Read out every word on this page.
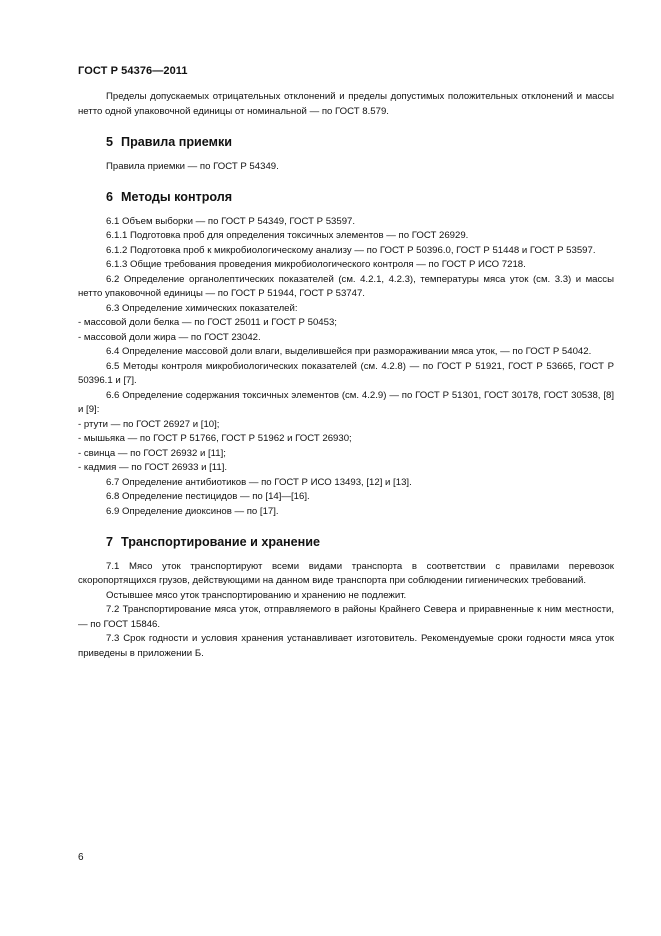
ГОСТ Р 54376—2011

Пределы допускаемых отрицательных отклонений и пределы допустимых положительных отклонений и массы нетто одной упаковочной единицы от номинальной — по ГОСТ 8.579.

5 Правила приемки

Правила приемки — по ГОСТ Р 54349.

6 Методы контроля

6.1 Объем выборки — по ГОСТ Р 54349, ГОСТ Р 53597.

6.1.1 Подготовка проб для определения токсичных элементов — по ГОСТ 26929.

6.1.2 Подготовка проб к микробиологическому анализу — по ГОСТ Р 50396.0, ГОСТ Р 51448 и ГОСТ Р 53597.

6.1.3 Общие требования проведения микробиологического контроля — по ГОСТ Р ИСО 7218.

6.2 Определение органолептических показателей (см. 4.2.1, 4.2.3), температуры мяса уток (см. 3.3) и массы нетто упаковочной единицы — по ГОСТ Р 51944, ГОСТ Р 53747.

6.3 Определение химических показателей:

- массовой доли белка — по ГОСТ 25011 и ГОСТ Р 50453;

- массовой доли жира — по ГОСТ 23042.

6.4 Определение массовой доли влаги, выделившейся при размораживании мяса уток, — по ГОСТ Р 54042.

6.5 Методы контроля микробиологических показателей (см. 4.2.8) — по ГОСТ Р 51921, ГОСТ Р 53665, ГОСТ Р 50396.1 и [7].

6.6 Определение содержания токсичных элементов (см. 4.2.9) — по ГОСТ Р 51301, ГОСТ 30178, ГОСТ 30538, [8] и [9]:

- ртути — по ГОСТ 26927 и [10];

- мышьяка — по ГОСТ Р 51766, ГОСТ Р 51962 и ГОСТ 26930;

- свинца — по ГОСТ 26932 и [11];

- кадмия — по ГОСТ 26933 и [11].

6.7 Определение антибиотиков — по ГОСТ Р ИСО 13493, [12] и [13].

6.8 Определение пестицидов — по [14]—[16].

6.9 Определение диоксинов — по [17].

7 Транспортирование и хранение

7.1 Мясо уток транспортируют всеми видами транспорта в соответствии с правилами перевозок скоропортящихся грузов, действующими на данном виде транспорта при соблюдении гигиенических требований.

Остывшее мясо уток транспортированию и хранению не подлежит.

7.2 Транспортирование мяса уток, отправляемого в районы Крайнего Севера и приравненные к ним местности, — по ГОСТ 15846.

7.3 Срок годности и условия хранения устанавливает изготовитель. Рекомендуемые сроки годности мяса уток приведены в приложении Б.

6
